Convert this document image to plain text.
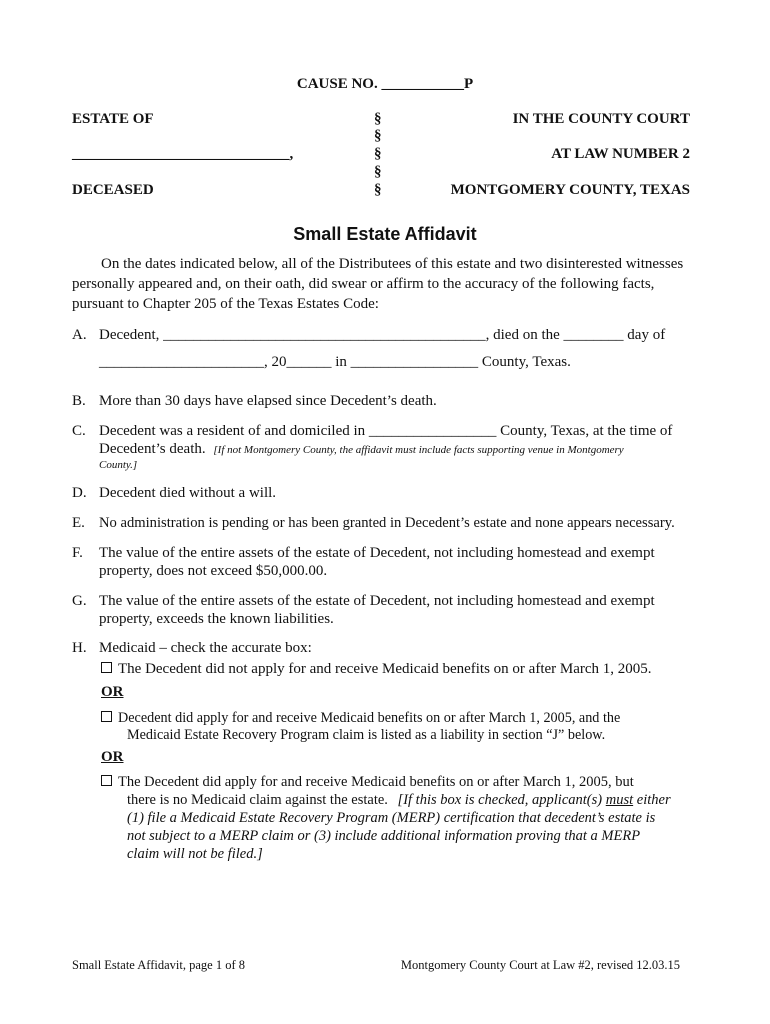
CAUSE NO. ___________P
ESTATE OF
_____________________________,
DECEASED
§
§
§
§
§
IN THE COUNTY COURT
AT LAW NUMBER 2
MONTGOMERY COUNTY, TEXAS
Small Estate Affidavit
On the dates indicated below, all of the Distributees of this estate and two disinterested witnesses personally appeared and, on their oath, did swear or affirm to the accuracy of the following facts, pursuant to Chapter 205 of the Texas Estates Code:
A. Decedent, ___________________________________________, died on the ________ day of
______________________, 20______ in _________________ County, Texas.
B. More than 30 days have elapsed since Decedent’s death.
C. Decedent was a resident of and domiciled in _________________ County, Texas, at the time of
Decedent’s death. [If not Montgomery County, the affidavit must include facts supporting venue in Montgomery
County.]
D. Decedent died without a will.
E. No administration is pending or has been granted in Decedent’s estate and none appears necessary.
F. The value of the entire assets of the estate of Decedent, not including homestead and exempt
property, does not exceed $50,000.00.
G. The value of the entire assets of the estate of Decedent, not including homestead and exempt
property, exceeds the known liabilities.
H. Medicaid – check the accurate box:
The Decedent did not apply for and receive Medicaid benefits on or after March 1, 2005.
OR
Decedent did apply for and receive Medicaid benefits on or after March 1, 2005, and the
Medicaid Estate Recovery Program claim is listed as a liability in section “J” below.
OR
The Decedent did apply for and receive Medicaid benefits on or after March 1, 2005, but
there is no Medicaid claim against the estate. [If this box is checked, applicant(s) must either
(1) file a Medicaid Estate Recovery Program (MERP) certification that decedent’s estate is
not subject to a MERP claim or (3) include additional information proving that a MERP
claim will not be filed.]
Small Estate Affidavit, page 1 of 8	Montgomery County Court at Law #2, revised 12.03.15
